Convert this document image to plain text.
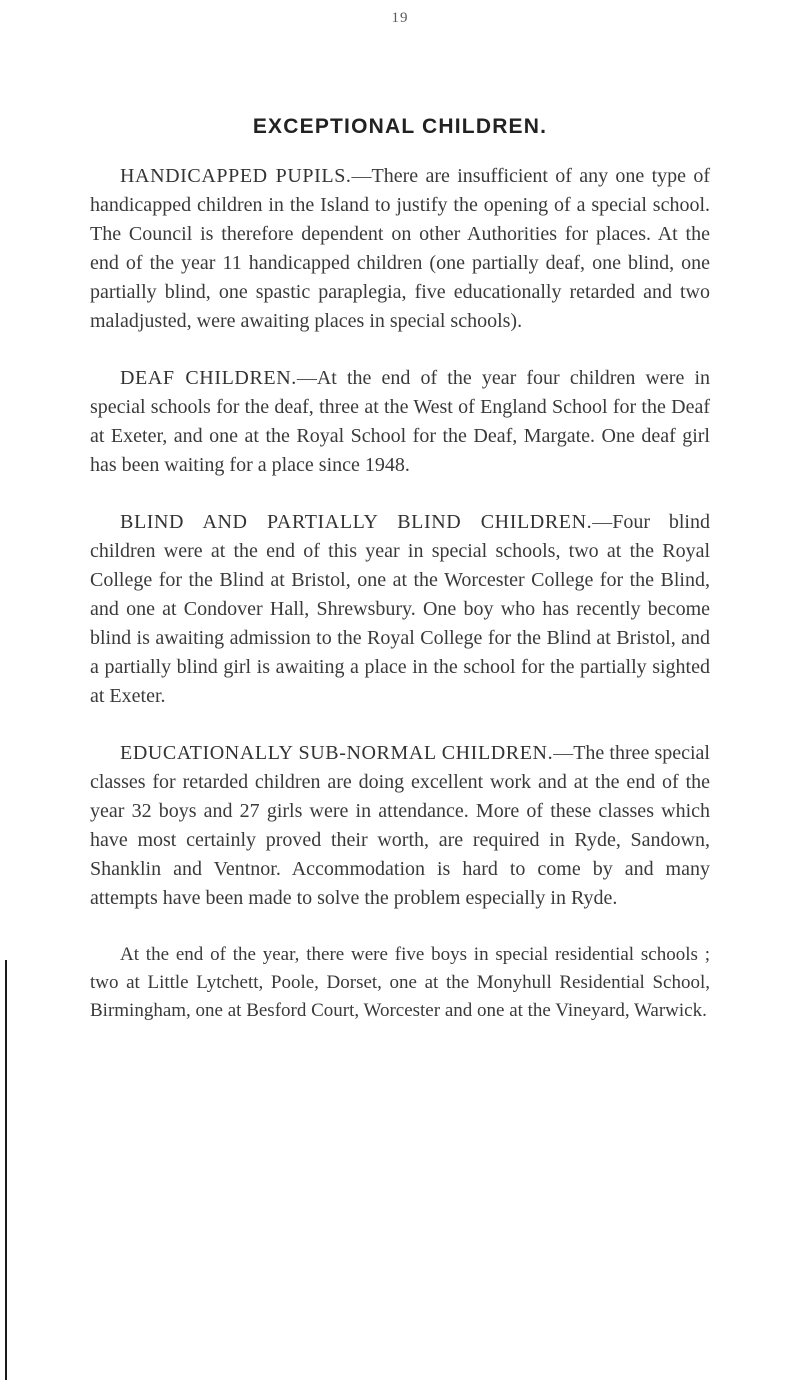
19
EXCEPTIONAL CHILDREN.

HANDICAPPED PUPILS.—There are insufficient of any one type of handicapped children in the Island to justify the opening of a special school. The Council is therefore dependent on other Authorities for places. At the end of the year 11 handicapped children (one partially deaf, one blind, one partially blind, one spastic paraplegia, five educationally retarded and two maladjusted, were awaiting places in special schools).

DEAF CHILDREN.—At the end of the year four children were in special schools for the deaf, three at the West of England School for the Deaf at Exeter, and one at the Royal School for the Deaf, Margate. One deaf girl has been waiting for a place since 1948.

BLIND AND PARTIALLY BLIND CHILDREN.—Four blind children were at the end of this year in special schools, two at the Royal College for the Blind at Bristol, one at the Worcester College for the Blind, and one at Condover Hall, Shrewsbury. One boy who has recently become blind is awaiting admission to the Royal College for the Blind at Bristol, and a partially blind girl is awaiting a place in the school for the partially sighted at Exeter.

EDUCATIONALLY SUB-NORMAL CHILDREN.—The three special classes for retarded children are doing excellent work and at the end of the year 32 boys and 27 girls were in attendance. More of these classes which have most certainly proved their worth, are required in Ryde, Sandown, Shanklin and Ventnor. Accommodation is hard to come by and many attempts have been made to solve the problem especially in Ryde.

At the end of the year, there were five boys in special residential schools ; two at Little Lytchett, Poole, Dorset, one at the Monyhull Residential School, Birmingham, one at Besford Court, Worcester and one at the Vineyard, Warwick.
